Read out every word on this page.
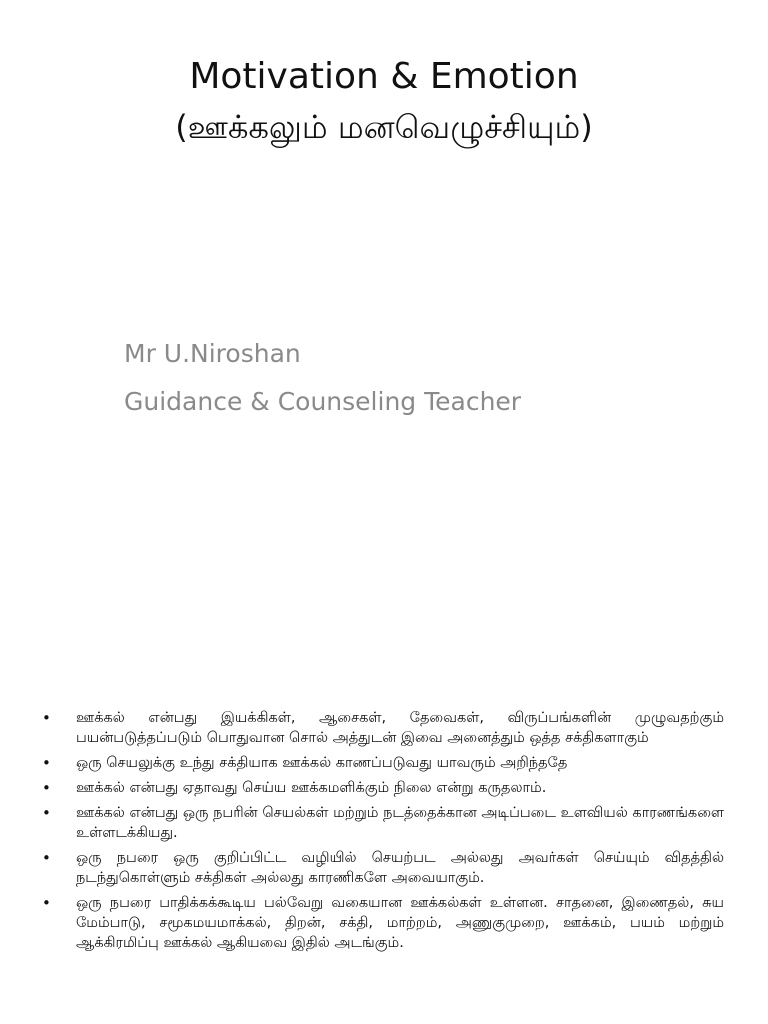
Motivation & Emotion
(ஊக்கலும் மனவெழுச்சியும்)
Mr U.Niroshan
Guidance & Counseling Teacher
• ஊக்கல் என்பது இயக்கிகள், ஆசைகள், தேவைகள், விருப்பங்களின் முழுவதற்கும் பயன்படுத்தப்படும் பொதுவான சொல் அத்துடன் இவை அனைத்தும் ஒத்த சக்திகளாகும்
• ஒரு செயலுக்கு உந்து சக்தியாக ஊக்கல் காணப்படுவது யாவரும் அறிந்ததே
• ஊக்கல் என்பது ஏதாவது செய்ய ஊக்கமளிக்கும் நிலை என்று கருதலாம்.
• ஊக்கல் என்பது ஒரு நபரின் செயல்கள் மற்றும் நடத்தைக்கான அடிப்படை உளவியல் காரணங்களை உள்ளடக்கியது.
• ஒரு நபரை ஒரு குறிப்பிட்ட வழியில் செயற்பட அல்லது அவர்கள் செய்யும் விதத்தில் நடந்துகொள்ளும் சக்திகள் அல்லது காரணிகளே அவையாகும்.
• ஒரு நபரை பாதிக்கக்கூடிய பல்வேறு வகையான ஊக்கல்கள் உள்ளன. சாதனை, இணைதல், சுய மேம்பாடு, சமூகமயமாக்கல், திறன், சக்தி, மாற்றம், அணுகுமுறை, ஊக்கம், பயம் மற்றும் ஆக்கிரமிப்பு ஊக்கல் ஆகியவை இதில் அடங்கும்.
